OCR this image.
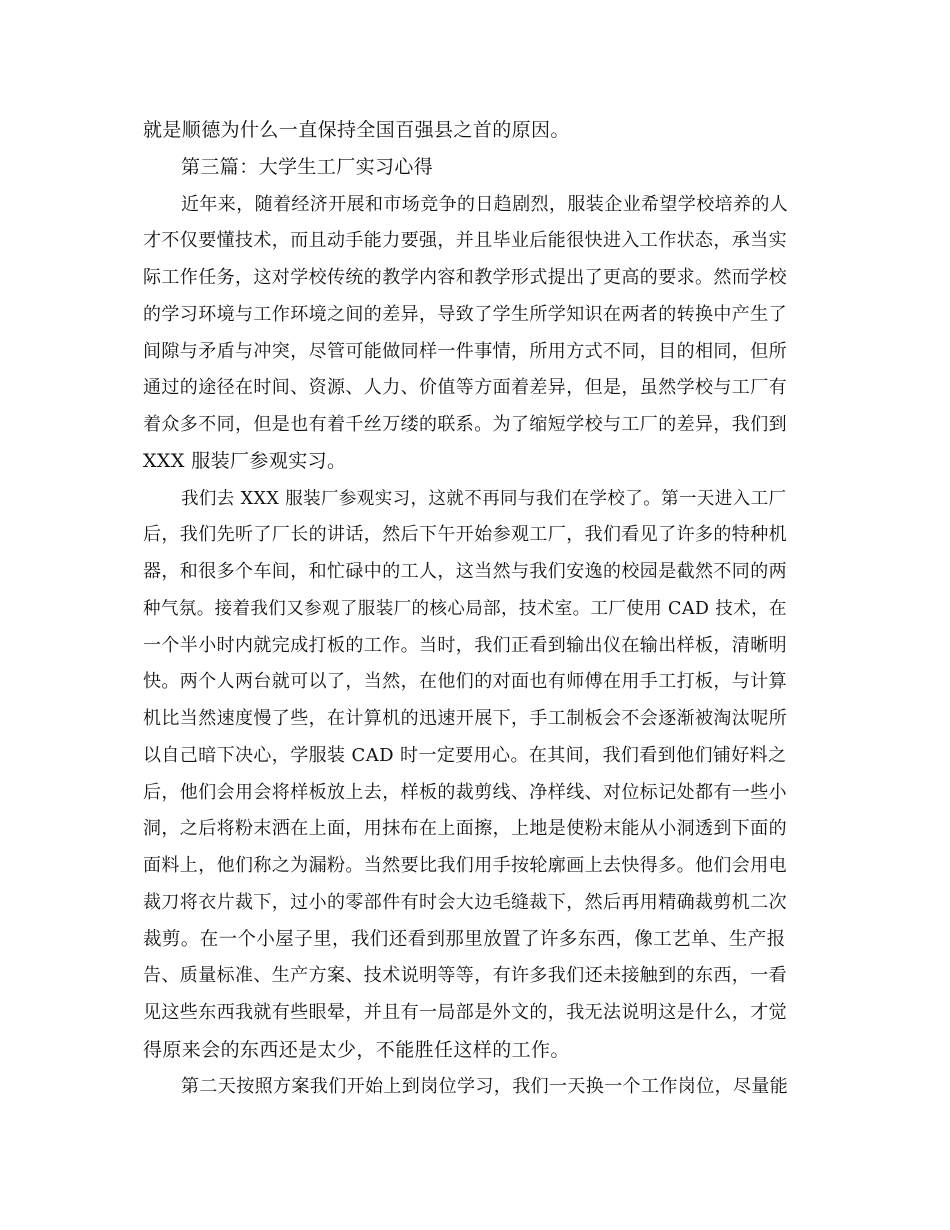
就是顺德为什么一直保持全国百强县之首的原因。
第三篇：大学生工厂实习心得
近年来，随着经济开展和市场竞争的日趋剧烈，服装企业希望学校培养的人
才不仅要懂技术，而且动手能力要强，并且毕业后能很快进入工作状态，承当实
际工作任务，这对学校传统的教学内容和教学形式提出了更高的要求。然而学校
的学习环境与工作环境之间的差异，导致了学生所学知识在两者的转换中产生了
间隙与矛盾与冲突，尽管可能做同样一件事情，所用方式不同，目的相同，但所
通过的途径在时间、资源、人力、价值等方面着差异，但是，虽然学校与工厂有
着众多不同，但是也有着千丝万缕的联系。为了缩短学校与工厂的差异，我们到
XXX 服装厂参观实习。
我们去 XXX 服装厂参观实习，这就不再同与我们在学校了。第一天进入工厂
后，我们先听了厂长的讲话，然后下午开始参观工厂，我们看见了许多的特种机
器，和很多个车间，和忙碌中的工人，这当然与我们安逸的校园是截然不同的两
种气氛。接着我们又参观了服装厂的核心局部，技术室。工厂使用 CAD 技术，在
一个半小时内就完成打板的工作。当时，我们正看到输出仪在输出样板，清晰明
快。两个人两台就可以了，当然，在他们的对面也有师傅在用手工打板，与计算
机比当然速度慢了些，在计算机的迅速开展下，手工制板会不会逐渐被淘汰呢所
以自己暗下决心，学服装 CAD 时一定要用心。在其间，我们看到他们铺好料之
后，他们会用会将样板放上去，样板的裁剪线、净样线、对位标记处都有一些小
洞，之后将粉末洒在上面，用抹布在上面擦，上地是使粉末能从小洞透到下面的
面料上，他们称之为漏粉。当然要比我们用手按轮廓画上去快得多。他们会用电
裁刀将衣片裁下，过小的零部件有时会大边毛缝裁下，然后再用精确裁剪机二次
裁剪。在一个小屋子里，我们还看到那里放置了许多东西，像工艺单、生产报
告、质量标准、生产方案、技术说明等等，有许多我们还未接触到的东西，一看
见这些东西我就有些眼晕，并且有一局部是外文的，我无法说明这是什么，才觉
得原来会的东西还是太少，不能胜任这样的工作。
第二天按照方案我们开始上到岗位学习，我们一天换一个工作岗位，尽量能
